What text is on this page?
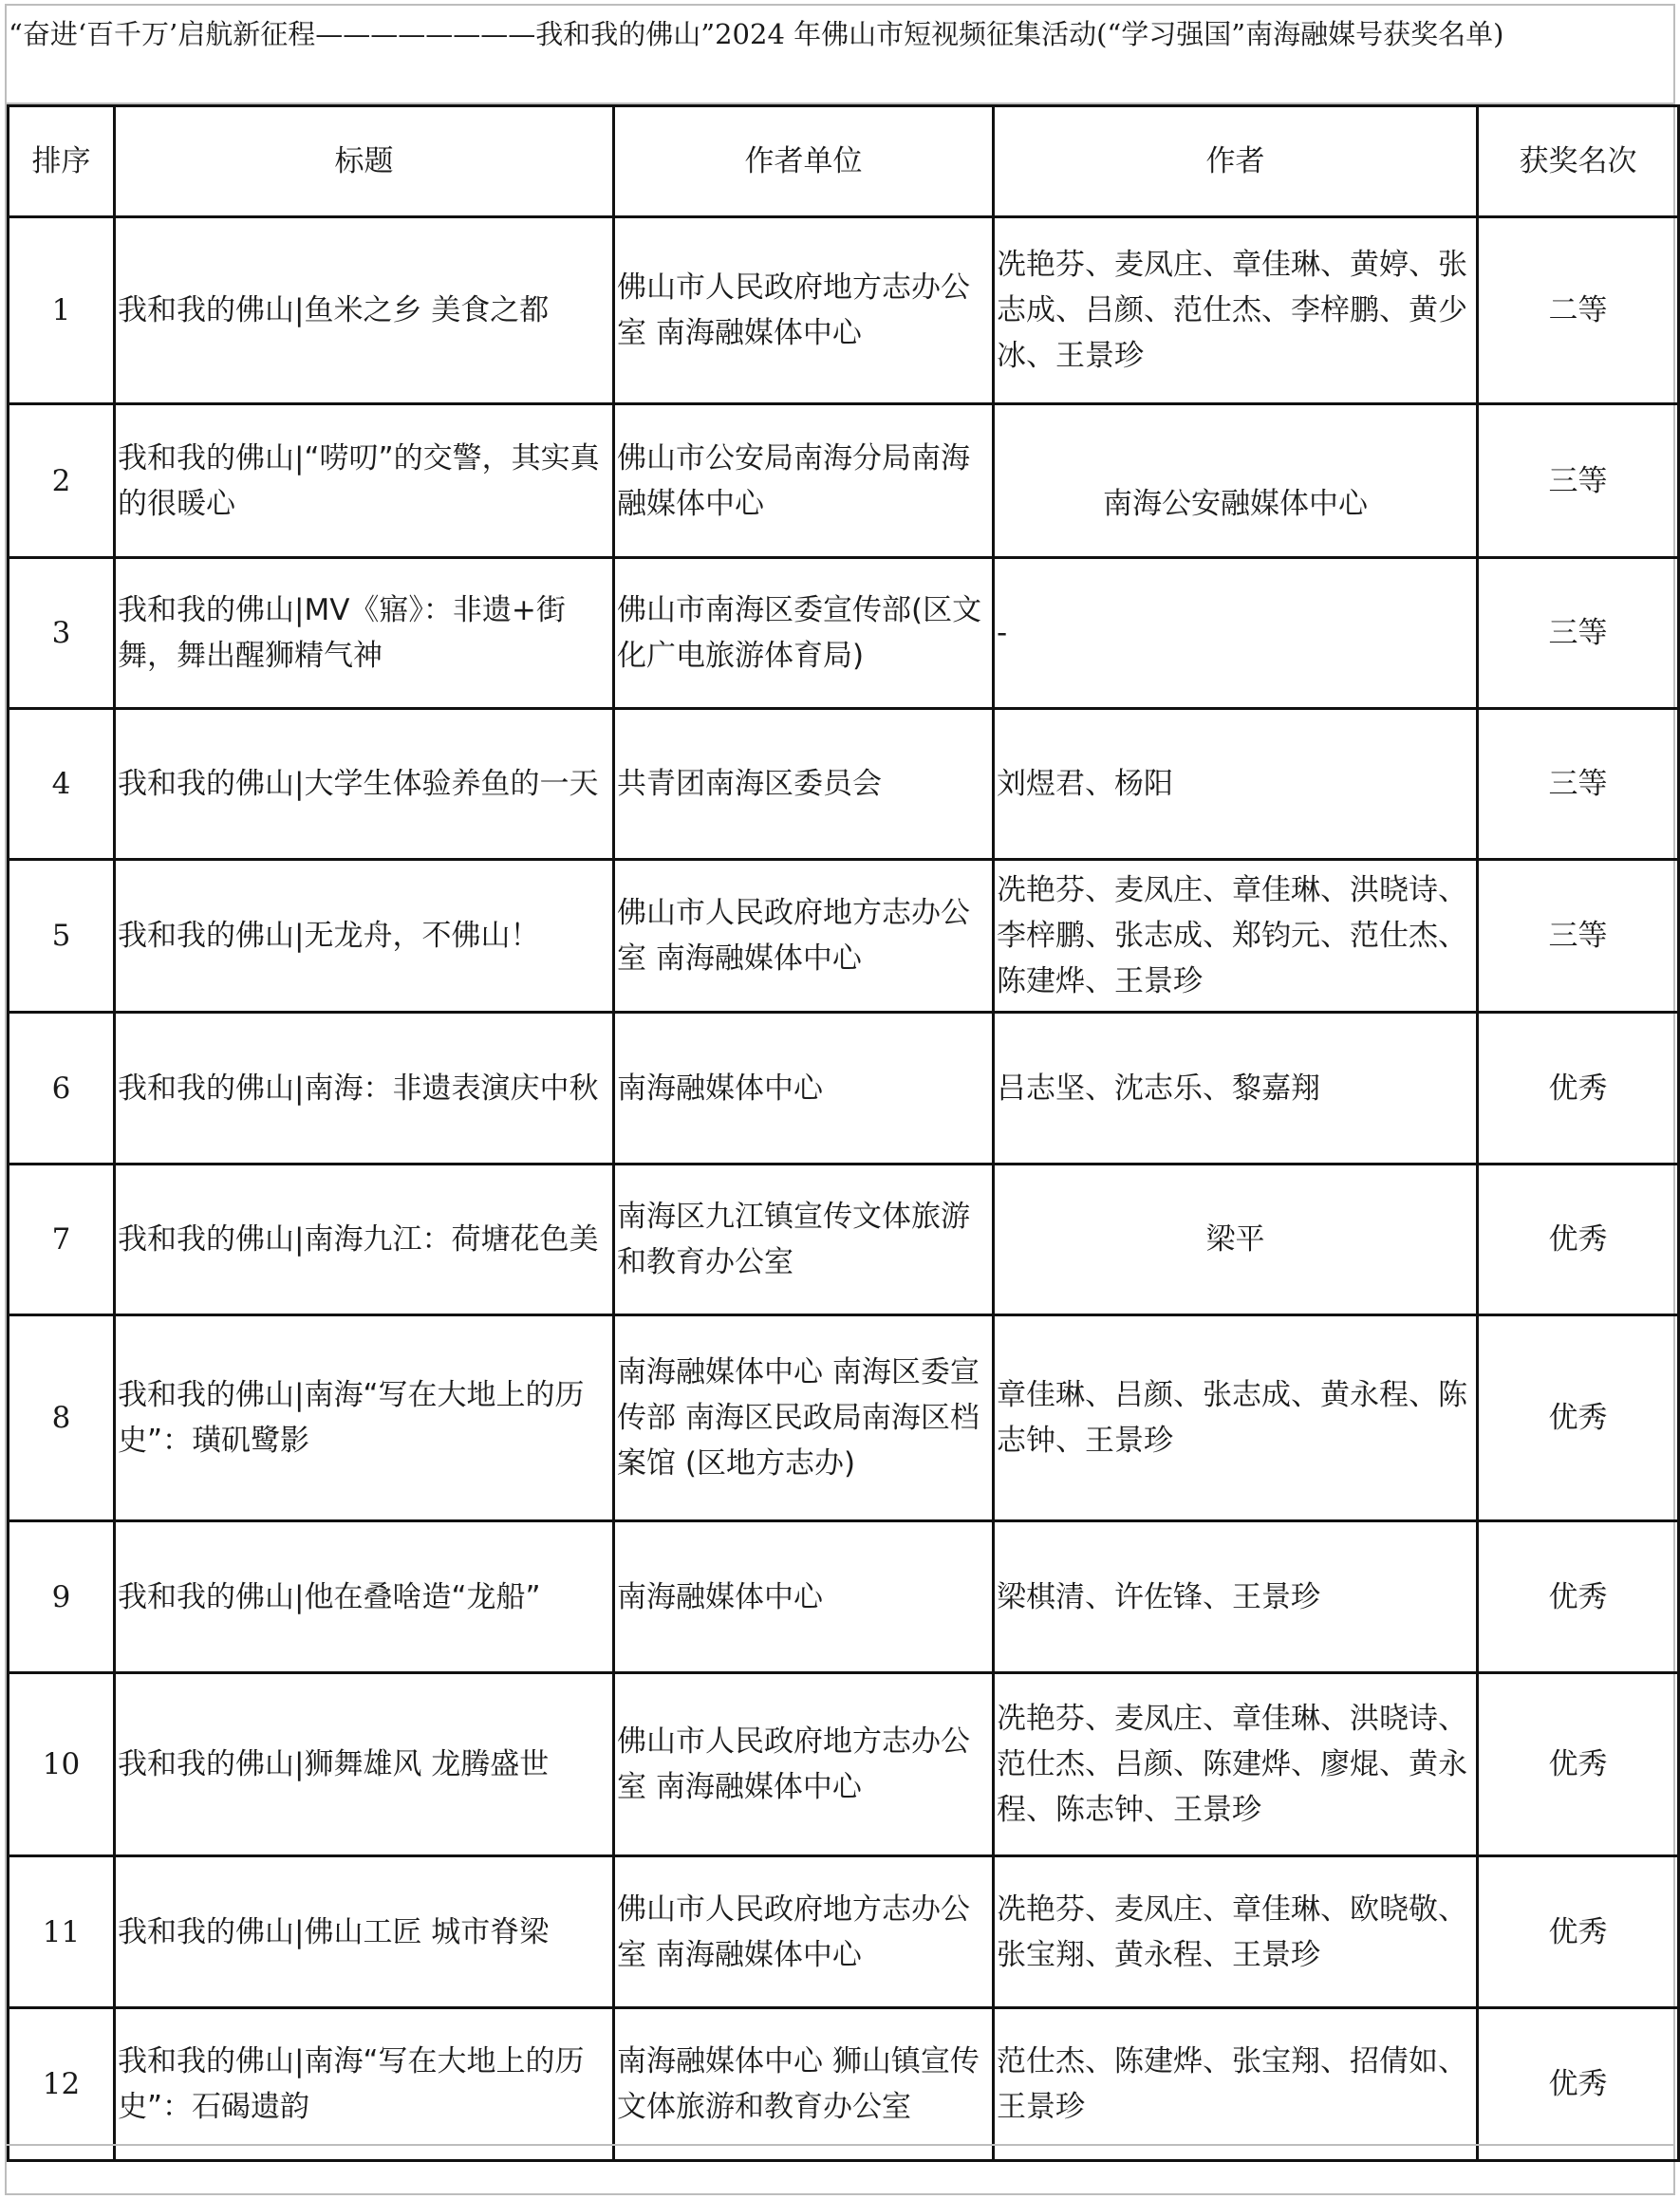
“奋进‘百千万’启航新征程————————我和我的佛山”2024 年佛山市短视频征集活动(“学习强国”南海融媒号获奖名单)
排序	标题	作者单位	作者	获奖名次
1	我和我的佛山|鱼米之乡 美食之都	佛山市人民政府地方志办公室 南海融媒体中心	冼艳芬、麦凤庄、章佳琳、黄婷、张志成、吕颜、范仕杰、李梓鹏、黄少冰、王景珍	二等
2	我和我的佛山|“唠叨”的交警，其实真的很暖心	佛山市公安局南海分局南海融媒体中心	南海公安融媒体中心	三等
3	我和我的佛山|MV《寤》：非遗+街舞，舞出醒狮精气神	佛山市南海区委宣传部(区文化广电旅游体育局)	-	三等
4	我和我的佛山|大学生体验养鱼的一天	共青团南海区委员会	刘煜君、杨阳	三等
5	我和我的佛山|无龙舟，不佛山！	佛山市人民政府地方志办公室 南海融媒体中心	冼艳芬、麦凤庄、章佳琳、洪晓诗、李梓鹏、张志成、郑钧元、范仕杰、陈建烨、王景珍	三等
6	我和我的佛山|南海：非遗表演庆中秋	南海融媒体中心	吕志坚、沈志乐、黎嘉翔	优秀
7	我和我的佛山|南海九江：荷塘花色美	南海区九江镇宣传文体旅游和教育办公室	梁平	优秀
8	我和我的佛山|南海“写在大地上的历史”：璜矶鹭影	南海融媒体中心 南海区委宣传部 南海区民政局南海区档案馆 (区地方志办)	章佳琳、吕颜、张志成、黄永程、陈志钟、王景珍	优秀
9	我和我的佛山|他在叠啥造“龙船”	南海融媒体中心	梁棋清、许佐锋、王景珍	优秀
10	我和我的佛山|狮舞雄风 龙腾盛世	佛山市人民政府地方志办公室 南海融媒体中心	冼艳芬、麦凤庄、章佳琳、洪晓诗、范仕杰、吕颜、陈建烨、廖焜、黄永程、陈志钟、王景珍	优秀
11	我和我的佛山|佛山工匠 城市脊梁	佛山市人民政府地方志办公室 南海融媒体中心	冼艳芬、麦凤庄、章佳琳、欧晓敬、张宝翔、黄永程、王景珍	优秀
12	我和我的佛山|南海“写在大地上的历史”：石碣遗韵	南海融媒体中心 狮山镇宣传文体旅游和教育办公室	范仕杰、陈建烨、张宝翔、招倩如、王景珍	优秀
